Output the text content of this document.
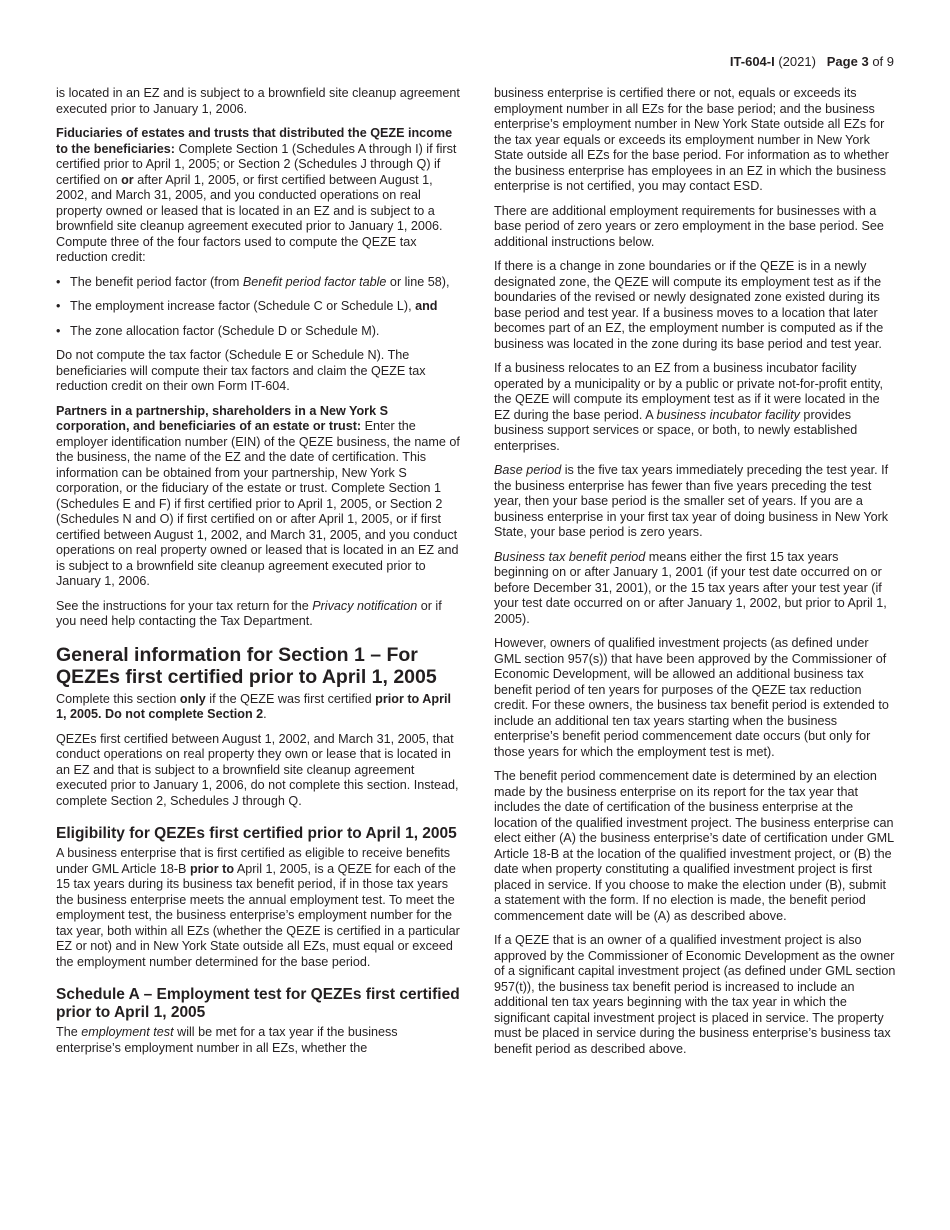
IT-604-I (2021) Page 3 of 9

is located in an EZ and is subject to a brownfield site cleanup agreement executed prior to January 1, 2006.

Fiduciaries of estates and trusts that distributed the QEZE income to the beneficiaries: Complete Section 1 (Schedules A through I) if first certified prior to April 1, 2005; or Section 2 (Schedules J through Q) if certified on or after April 1, 2005, or first certified between August 1, 2002, and March 31, 2005, and you conducted operations on real property owned or leased that is located in an EZ and is subject to a brownfield site cleanup agreement executed prior to January 1, 2006. Compute three of the four factors used to compute the QEZE tax reduction credit:

• The benefit period factor (from Benefit period factor table or line 58),
• The employment increase factor (Schedule C or Schedule L), and
• The zone allocation factor (Schedule D or Schedule M).

Do not compute the tax factor (Schedule E or Schedule N). The beneficiaries will compute their tax factors and claim the QEZE tax reduction credit on their own Form IT-604.

Partners in a partnership, shareholders in a New York S corporation, and beneficiaries of an estate or trust: Enter the employer identification number (EIN) of the QEZE business, the name of the business, the name of the EZ and the date of certification. This information can be obtained from your partnership, New York S corporation, or the fiduciary of the estate or trust. Complete Section 1 (Schedules E and F) if first certified prior to April 1, 2005, or Section 2 (Schedules N and O) if first certified on or after April 1, 2005, or if first certified between August 1, 2002, and March 31, 2005, and you conduct operations on real property owned or leased that is located in an EZ and is subject to a brownfield site cleanup agreement executed prior to January 1, 2006.

See the instructions for your tax return for the Privacy notification or if you need help contacting the Tax Department.

General information for Section 1 – For QEZEs first certified prior to April 1, 2005

Complete this section only if the QEZE was first certified prior to April 1, 2005. Do not complete Section 2.

QEZEs first certified between August 1, 2002, and March 31, 2005, that conduct operations on real property they own or lease that is located in an EZ and that is subject to a brownfield site cleanup agreement executed prior to January 1, 2006, do not complete this section. Instead, complete Section 2, Schedules J through Q.

Eligibility for QEZEs first certified prior to April 1, 2005

A business enterprise that is first certified as eligible to receive benefits under GML Article 18-B prior to April 1, 2005, is a QEZE for each of the 15 tax years during its business tax benefit period, if in those tax years the business enterprise meets the annual employment test. To meet the employment test, the business enterprise’s employment number for the tax year, both within all EZs (whether the QEZE is certified in a particular EZ or not) and in New York State outside all EZs, must equal or exceed the employment number determined for the base period.

Schedule A – Employment test for QEZEs first certified prior to April 1, 2005

The employment test will be met for a tax year if the business enterprise’s employment number in all EZs, whether the

business enterprise is certified there or not, equals or exceeds its employment number in all EZs for the base period; and the business enterprise’s employment number in New York State outside all EZs for the tax year equals or exceeds its employment number in New York State outside all EZs for the base period. For information as to whether the business enterprise has employees in an EZ in which the business enterprise is not certified, you may contact ESD.

There are additional employment requirements for businesses with a base period of zero years or zero employment in the base period. See additional instructions below.

If there is a change in zone boundaries or if the QEZE is in a newly designated zone, the QEZE will compute its employment test as if the boundaries of the revised or newly designated zone existed during its base period and test year. If a business moves to a location that later becomes part of an EZ, the employment number is computed as if the business was located in the zone during its base period and test year.

If a business relocates to an EZ from a business incubator facility operated by a municipality or by a public or private not-for-profit entity, the QEZE will compute its employment test as if it were located in the EZ during the base period. A business incubator facility provides business support services or space, or both, to newly established enterprises.

Base period is the five tax years immediately preceding the test year. If the business enterprise has fewer than five years preceding the test year, then your base period is the smaller set of years. If you are a business enterprise in your first tax year of doing business in New York State, your base period is zero years.

Business tax benefit period means either the first 15 tax years beginning on or after January 1, 2001 (if your test date occurred on or before December 31, 2001), or the 15 tax years after your test year (if your test date occurred on or after January 1, 2002, but prior to April 1, 2005).

However, owners of qualified investment projects (as defined under GML section 957(s)) that have been approved by the Commissioner of Economic Development, will be allowed an additional business tax benefit period of ten years for purposes of the QEZE tax reduction credit. For these owners, the business tax benefit period is extended to include an additional ten tax years starting when the business enterprise’s benefit period commencement date occurs (but only for those years for which the employment test is met).

The benefit period commencement date is determined by an election made by the business enterprise on its report for the tax year that includes the date of certification of the business enterprise at the location of the qualified investment project. The business enterprise can elect either (A) the business enterprise’s date of certification under GML Article 18-B at the location of the qualified investment project, or (B) the date when property constituting a qualified investment project is first placed in service. If you choose to make the election under (B), submit a statement with the form. If no election is made, the benefit period commencement date will be (A) as described above.

If a QEZE that is an owner of a qualified investment project is also approved by the Commissioner of Economic Development as the owner of a significant capital investment project (as defined under GML section 957(t)), the business tax benefit period is increased to include an additional ten tax years beginning with the tax year in which the significant capital investment project is placed in service. The property must be placed in service during the business enterprise’s business tax benefit period as described above.
